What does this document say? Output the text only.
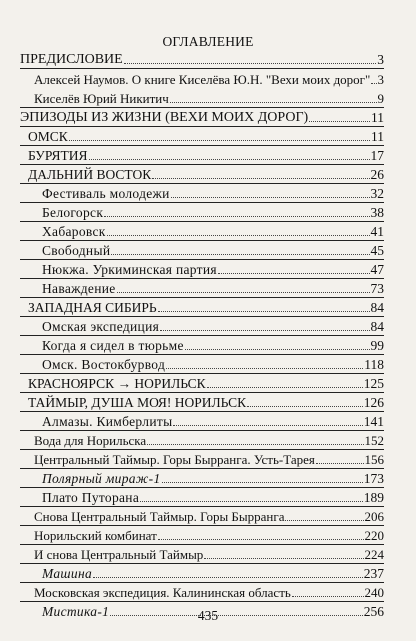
ОГЛАВЛЕНИЕ
ПРЕДИСЛОВИЕ	3
Алексей Наумов. О книге Киселёва Ю.Н. "Вехи моих дорог" 3
Киселёв Юрий Никитич	9
ЭПИЗОДЫ ИЗ ЖИЗНИ (ВЕХИ МОИХ ДОРОГ)	11
ОМСК	11
БУРЯТИЯ	17
ДАЛЬНИЙ ВОСТОК	26
Фестиваль молодежи	32
Белогорск	38
Хабаровск	41
Свободный	45
Нюкжа. Уркиминская партия	47
Наваждение	73
ЗАПАДНАЯ СИБИРЬ	84
Омская экспедиция	84
Когда я сидел в тюрьме	99
Омск. Востокбурвод	118
КРАСНОЯРСК → НОРИЛЬСК	125
ТАЙМЫР, ДУША МОЯ! НОРИЛЬСК	126
Алмазы. Кимберлиты	141
Вода для Норильска	152
Центральный Таймыр. Горы Бырранга. Усть-Тарея	156
Полярный мираж-1	173
Плато Путорана	189
Снова Центральный Таймыр. Горы Бырранга	206
Норильский комбинат	220
И снова Центральный Таймыр	224
Машина	237
Московская экспедиция. Калининская область	240
Мистика-1	256
435
